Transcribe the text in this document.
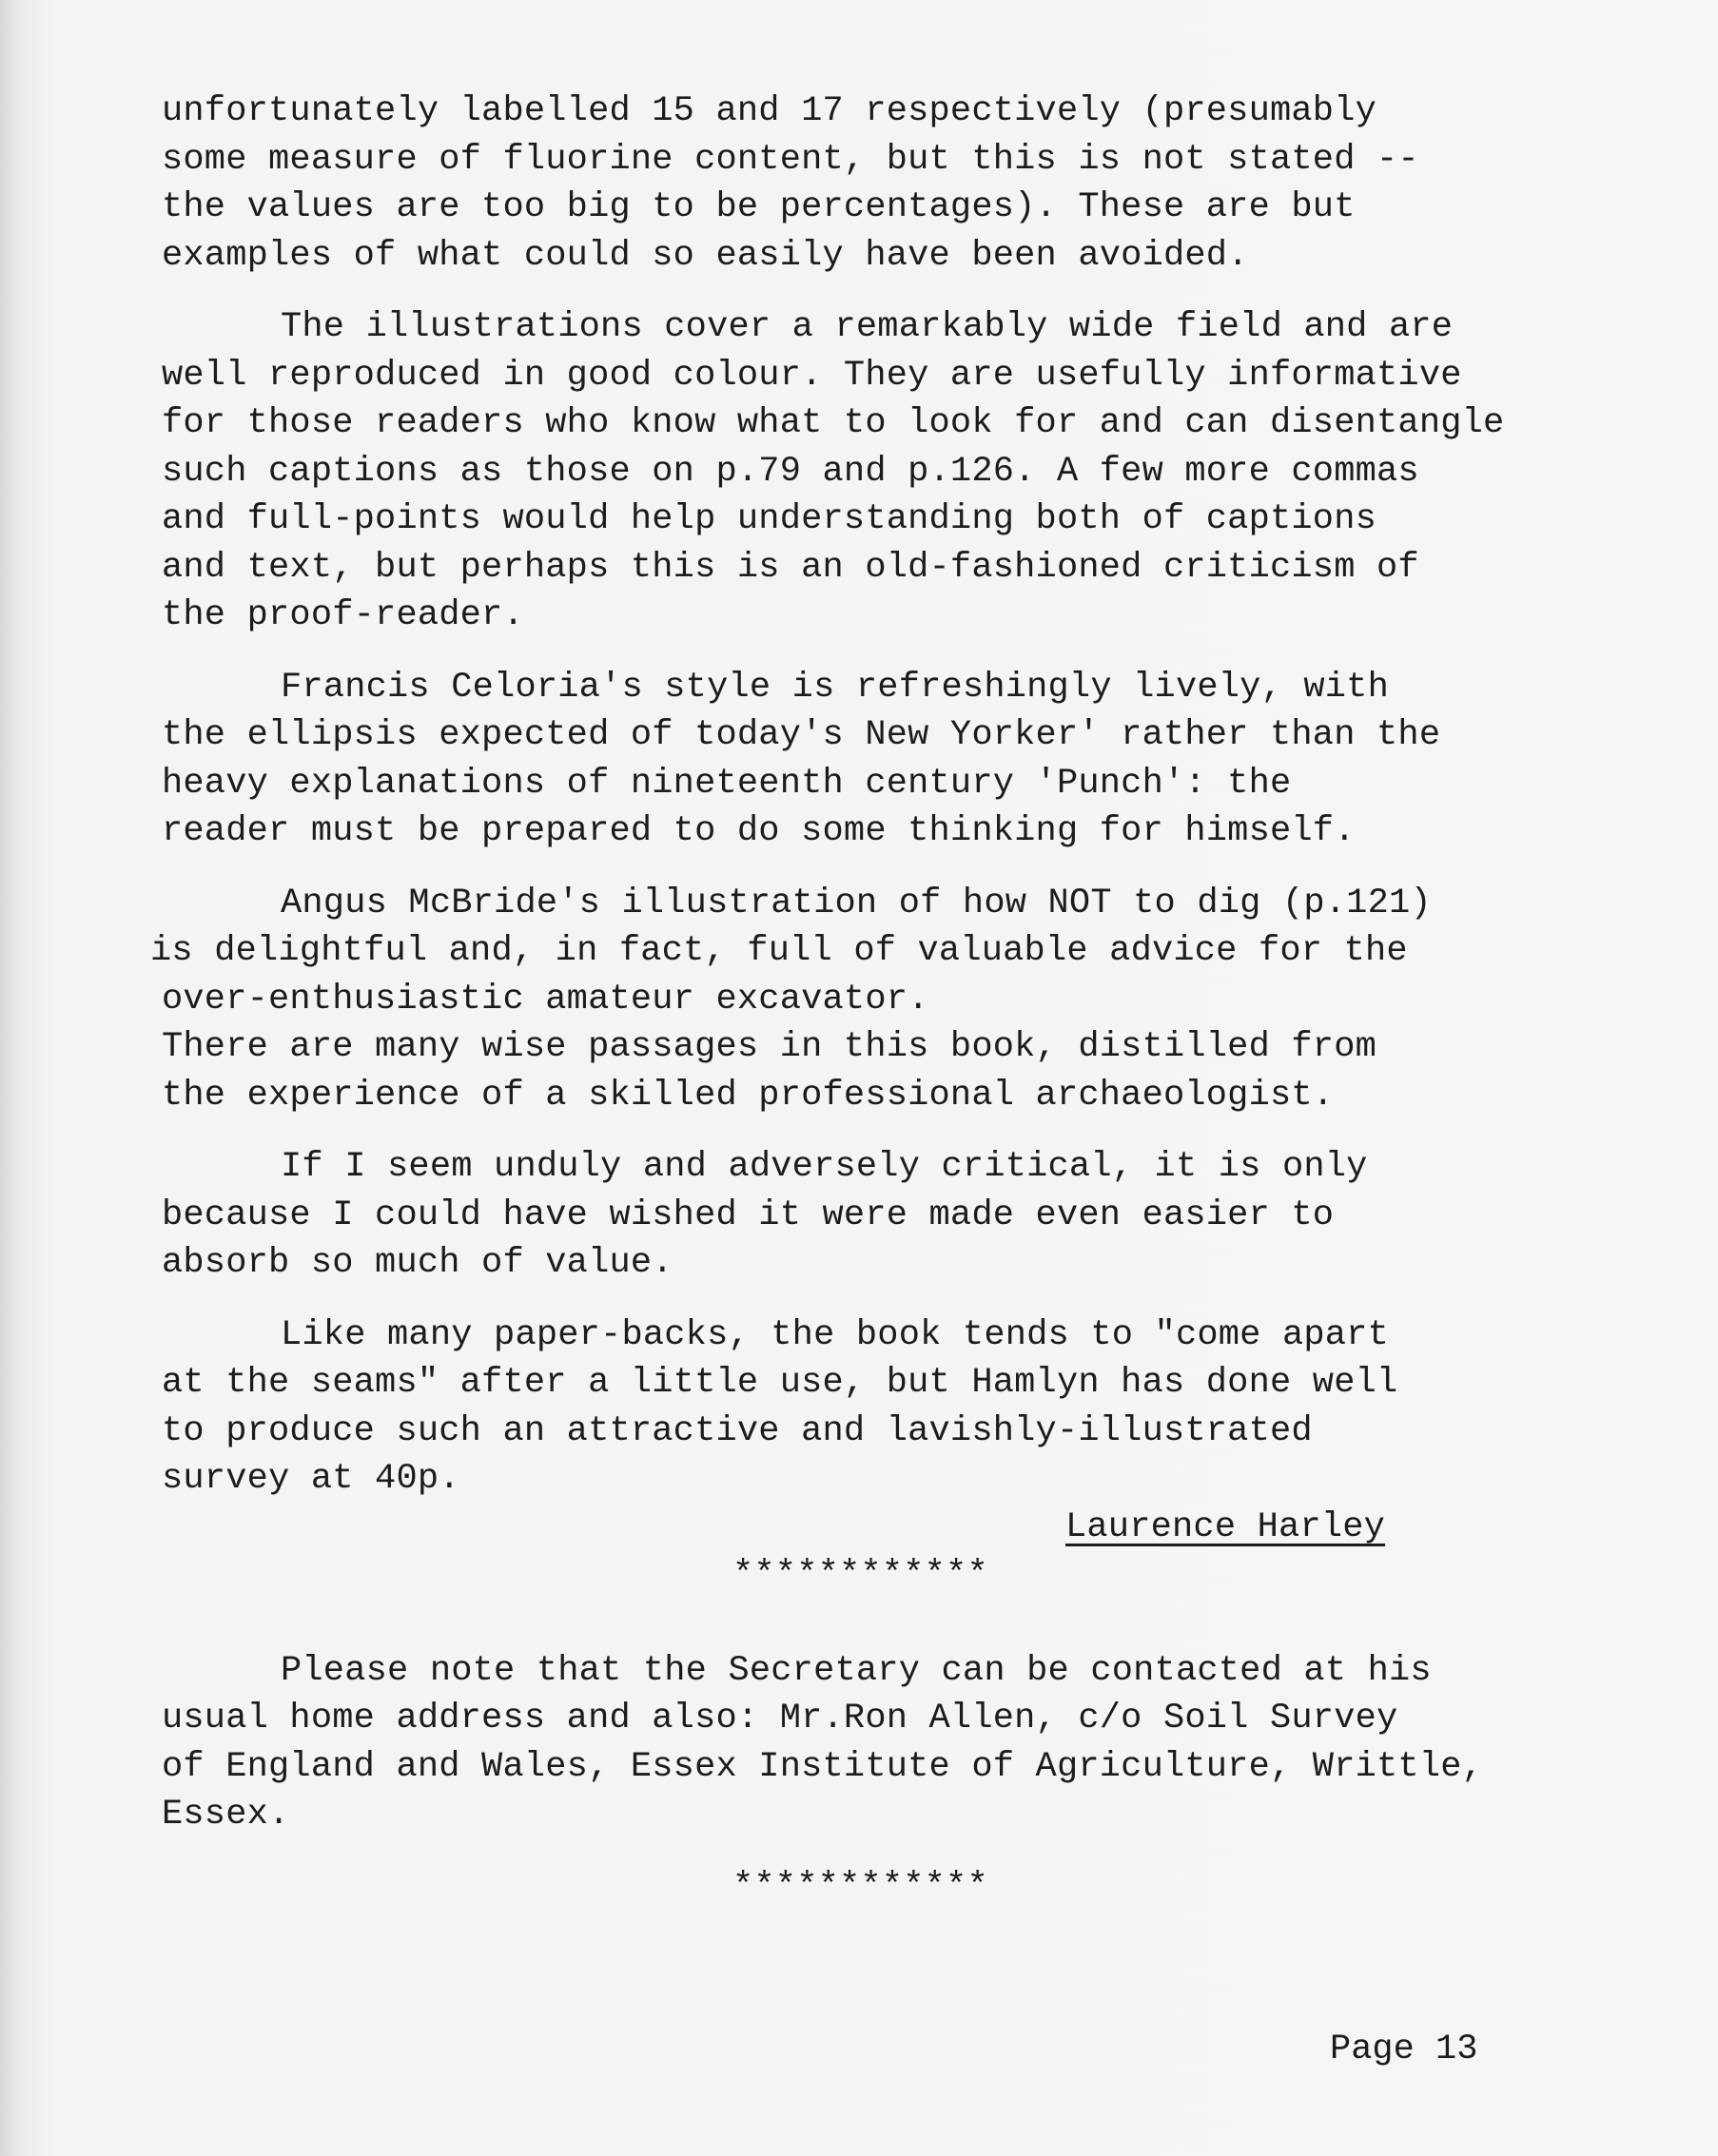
unfortunately labelled 15 and 17 respectively (presumably
some measure of fluorine content, but this is not stated --
the values are too big to be percentages). These are but
examples of what could so easily have been avoided.
The illustrations cover a remarkably wide field and are
well reproduced in good colour. They are usefully informative
for those readers who know what to look for and can disentangle
such captions as those on p.79 and p.126. A few more commas
and full-points would help understanding both of captions
and text, but perhaps this is an old-fashioned criticism of
the proof-reader.
Francis Celoria's style is refreshingly lively, with
the ellipsis expected of today's New Yorker' rather than the
heavy explanations of nineteenth century 'Punch': the
reader must be prepared to do some thinking for himself.
Angus McBride's illustration of how NOT to dig (p.121)
is delightful and, in fact, full of valuable advice for the
over-enthusiastic amateur excavator.
There are many wise passages in this book, distilled from
the experience of a skilled professional archaeologist.
If I seem unduly and adversely critical, it is only
because I could have wished it were made even easier to
absorb so much of value.
Like many paper-backs, the book tends to "come apart
at the seams" after a little use, but Hamlyn has done well
to produce such an attractive and lavishly-illustrated
survey at 40p.
Laurence Harley
************
Please note that the Secretary can be contacted at his
usual home address and also: Mr.Ron Allen, c/o Soil Survey
of England and Wales, Essex Institute of Agriculture, Writtle,
Essex.
************
Page 13
